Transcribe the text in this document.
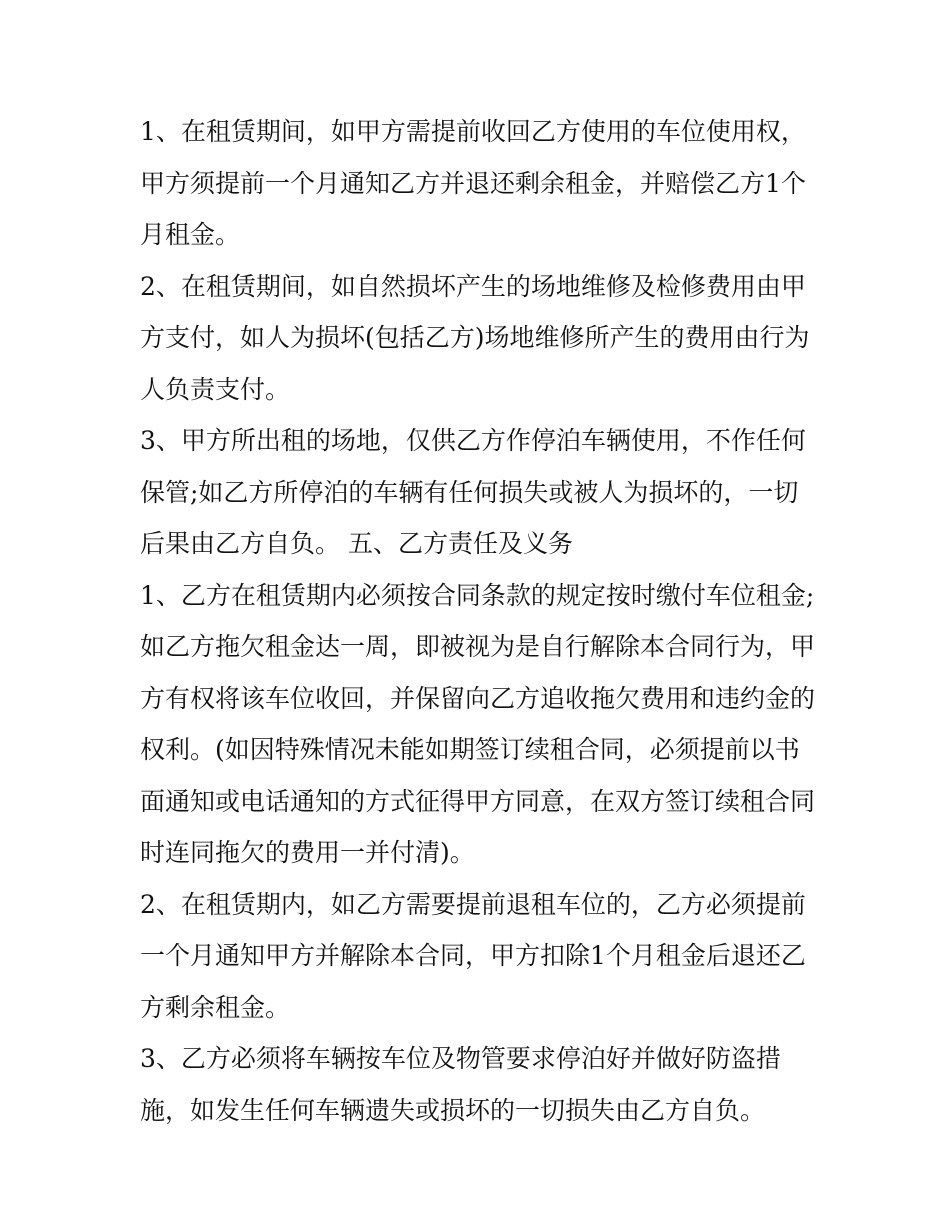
1、在租赁期间，如甲方需提前收回乙方使用的车位使用权，
甲方须提前一个月通知乙方并退还剩余租金，并赔偿乙方1个
月租金。
2、在租赁期间，如自然损坏产生的场地维修及检修费用由甲
方支付，如人为损坏(包括乙方)场地维修所产生的费用由行为
人负责支付。
3、甲方所出租的场地，仅供乙方作停泊车辆使用，不作任何
保管;如乙方所停泊的车辆有任何损失或被人为损坏的，一切
后果由乙方自负。 五、乙方责任及义务
1、乙方在租赁期内必须按合同条款的规定按时缴付车位租金;
如乙方拖欠租金达一周，即被视为是自行解除本合同行为，甲
方有权将该车位收回，并保留向乙方追收拖欠费用和违约金的
权利。(如因特殊情况未能如期签订续租合同，必须提前以书
面通知或电话通知的方式征得甲方同意，在双方签订续租合同
时连同拖欠的费用一并付清)。
2、在租赁期内，如乙方需要提前退租车位的，乙方必须提前
一个月通知甲方并解除本合同，甲方扣除1个月租金后退还乙
方剩余租金。
3、乙方必须将车辆按车位及物管要求停泊好并做好防盗措
施，如发生任何车辆遗失或损坏的一切损失由乙方自负。
